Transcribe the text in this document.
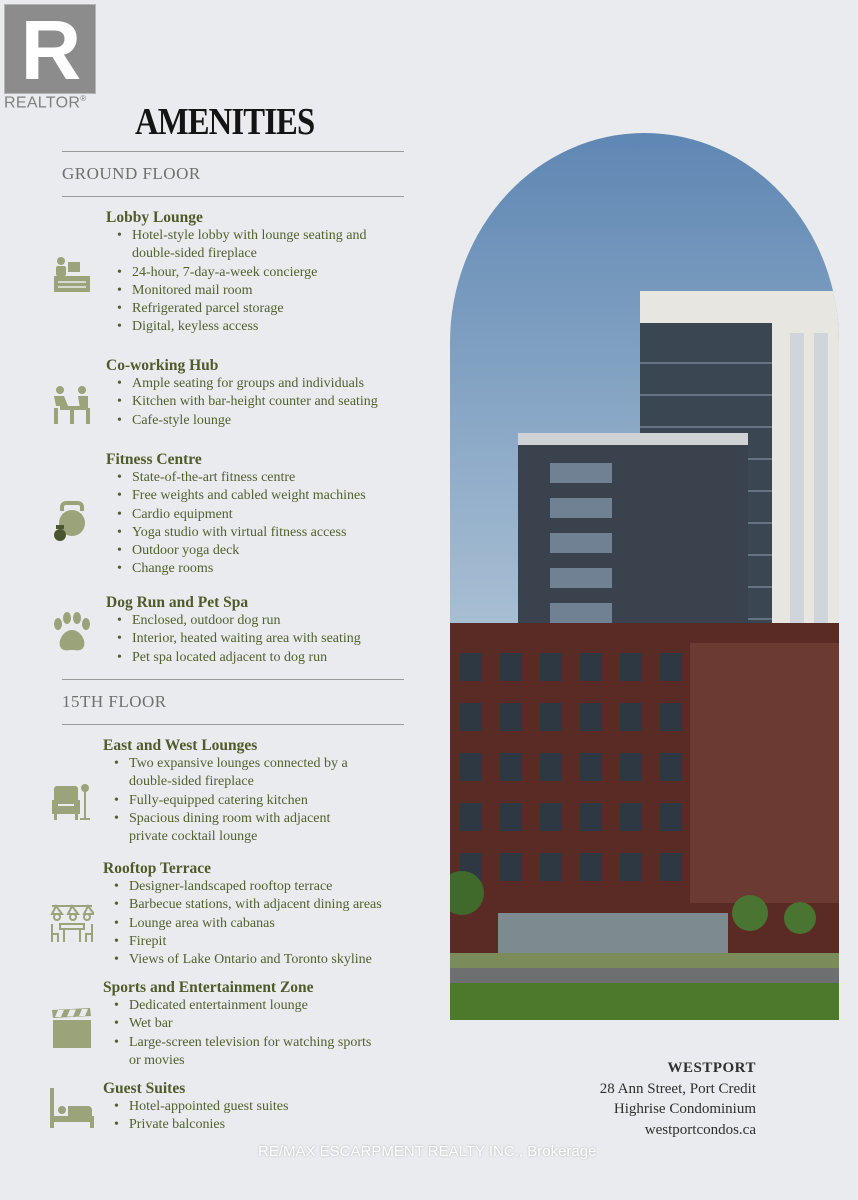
R
REALTOR®
AMENITIES
GROUND FLOOR
15TH FLOOR
Lobby Lounge
• Hotel-style lobby with lounge seating and
double-sided fireplace
• 24-hour, 7-day-a-week concierge
• Monitored mail room
• Refrigerated parcel storage
• Digital, keyless access
Co-working Hub
• Ample seating for groups and individuals
• Kitchen with bar-height counter and seating
• Cafe-style lounge
Fitness Centre
• State-of-the-art fitness centre
• Free weights and cabled weight machines
• Cardio equipment
• Yoga studio with virtual fitness access
• Outdoor yoga deck
• Change rooms
Dog Run and Pet Spa
• Enclosed, outdoor dog run
• Interior, heated waiting area with seating
• Pet spa located adjacent to dog run
East and West Lounges
• Two expansive lounges connected by a
double-sided fireplace
• Fully-equipped catering kitchen
• Spacious dining room with adjacent
private cocktail lounge
Rooftop Terrace
• Designer-landscaped rooftop terrace
• Barbecue stations, with adjacent dining areas
• Lounge area with cabanas
• Firepit
• Views of Lake Ontario and Toronto skyline
Sports and Entertainment Zone
• Dedicated entertainment lounge
• Wet bar
• Large-screen television for watching sports
or movies
Guest Suites
• Hotel-appointed guest suites
• Private balconies
WESTPORT
28 Ann Street, Port Credit
Highrise Condominium
westportcondos.ca
RE/MAX ESCARPMENT REALTY INC., Brokerage
